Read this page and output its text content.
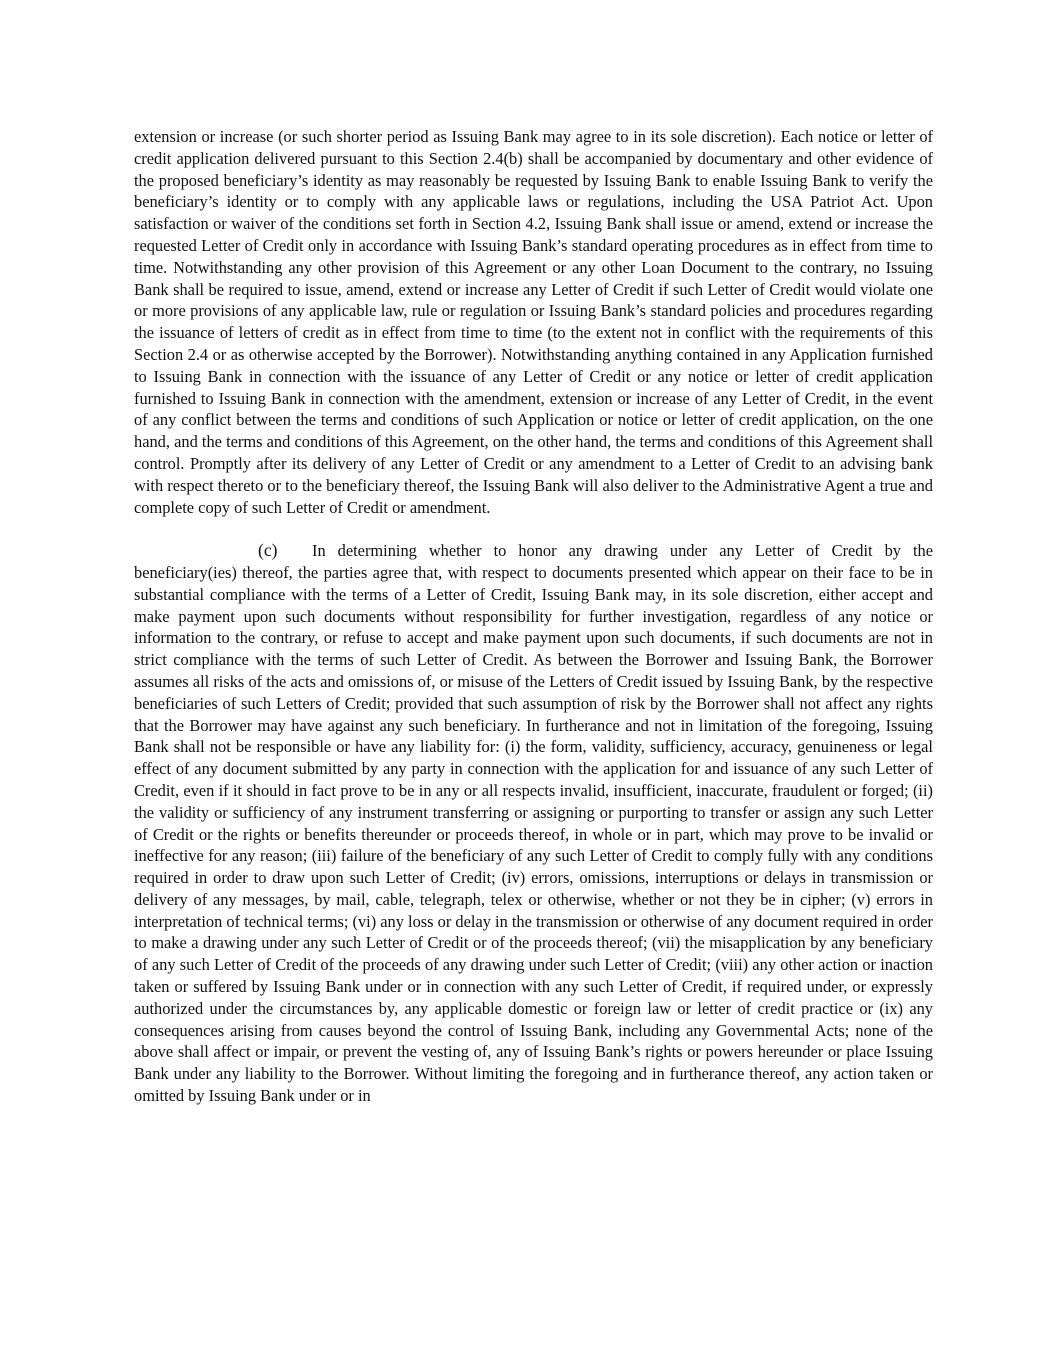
extension or increase (or such shorter period as Issuing Bank may agree to in its sole discretion). Each notice or letter of credit application delivered pursuant to this Section 2.4(b) shall be accompanied by documentary and other evidence of the proposed beneficiary’s identity as may reasonably be requested by Issuing Bank to enable Issuing Bank to verify the beneficiary’s identity or to comply with any applicable laws or regulations, including the USA Patriot Act. Upon satisfaction or waiver of the conditions set forth in Section 4.2, Issuing Bank shall issue or amend, extend or increase the requested Letter of Credit only in accordance with Issuing Bank’s standard operating procedures as in effect from time to time. Notwithstanding any other provision of this Agreement or any other Loan Document to the contrary, no Issuing Bank shall be required to issue, amend, extend or increase any Letter of Credit if such Letter of Credit would violate one or more provisions of any applicable law, rule or regulation or Issuing Bank’s standard policies and procedures regarding the issuance of letters of credit as in effect from time to time (to the extent not in conflict with the requirements of this Section 2.4 or as otherwise accepted by the Borrower). Notwithstanding anything contained in any Application furnished to Issuing Bank in connection with the issuance of any Letter of Credit or any notice or letter of credit application furnished to Issuing Bank in connection with the amendment, extension or increase of any Letter of Credit, in the event of any conflict between the terms and conditions of such Application or notice or letter of credit application, on the one hand, and the terms and conditions of this Agreement, on the other hand, the terms and conditions of this Agreement shall control. Promptly after its delivery of any Letter of Credit or any amendment to a Letter of Credit to an advising bank with respect thereto or to the beneficiary thereof, the Issuing Bank will also deliver to the Administrative Agent a true and complete copy of such Letter of Credit or amendment.

(c) In determining whether to honor any drawing under any Letter of Credit by the beneficiary(ies) thereof, the parties agree that, with respect to documents presented which appear on their face to be in substantial compliance with the terms of a Letter of Credit, Issuing Bank may, in its sole discretion, either accept and make payment upon such documents without responsibility for further investigation, regardless of any notice or information to the contrary, or refuse to accept and make payment upon such documents, if such documents are not in strict compliance with the terms of such Letter of Credit. As between the Borrower and Issuing Bank, the Borrower assumes all risks of the acts and omissions of, or misuse of the Letters of Credit issued by Issuing Bank, by the respective beneficiaries of such Letters of Credit; provided that such assumption of risk by the Borrower shall not affect any rights that the Borrower may have against any such beneficiary. In furtherance and not in limitation of the foregoing, Issuing Bank shall not be responsible or have any liability for: (i) the form, validity, sufficiency, accuracy, genuineness or legal effect of any document submitted by any party in connection with the application for and issuance of any such Letter of Credit, even if it should in fact prove to be in any or all respects invalid, insufficient, inaccurate, fraudulent or forged; (ii) the validity or sufficiency of any instrument transferring or assigning or purporting to transfer or assign any such Letter of Credit or the rights or benefits thereunder or proceeds thereof, in whole or in part, which may prove to be invalid or ineffective for any reason; (iii) failure of the beneficiary of any such Letter of Credit to comply fully with any conditions required in order to draw upon such Letter of Credit; (iv) errors, omissions, interruptions or delays in transmission or delivery of any messages, by mail, cable, telegraph, telex or otherwise, whether or not they be in cipher; (v) errors in interpretation of technical terms; (vi) any loss or delay in the transmission or otherwise of any document required in order to make a drawing under any such Letter of Credit or of the proceeds thereof; (vii) the misapplication by any beneficiary of any such Letter of Credit of the proceeds of any drawing under such Letter of Credit; (viii) any other action or inaction taken or suffered by Issuing Bank under or in connection with any such Letter of Credit, if required under, or expressly authorized under the circumstances by, any applicable domestic or foreign law or letter of credit practice or (ix) any consequences arising from causes beyond the control of Issuing Bank, including any Governmental Acts; none of the above shall affect or impair, or prevent the vesting of, any of Issuing Bank’s rights or powers hereunder or place Issuing Bank under any liability to the Borrower. Without limiting the foregoing and in furtherance thereof, any action taken or omitted by Issuing Bank under or in
